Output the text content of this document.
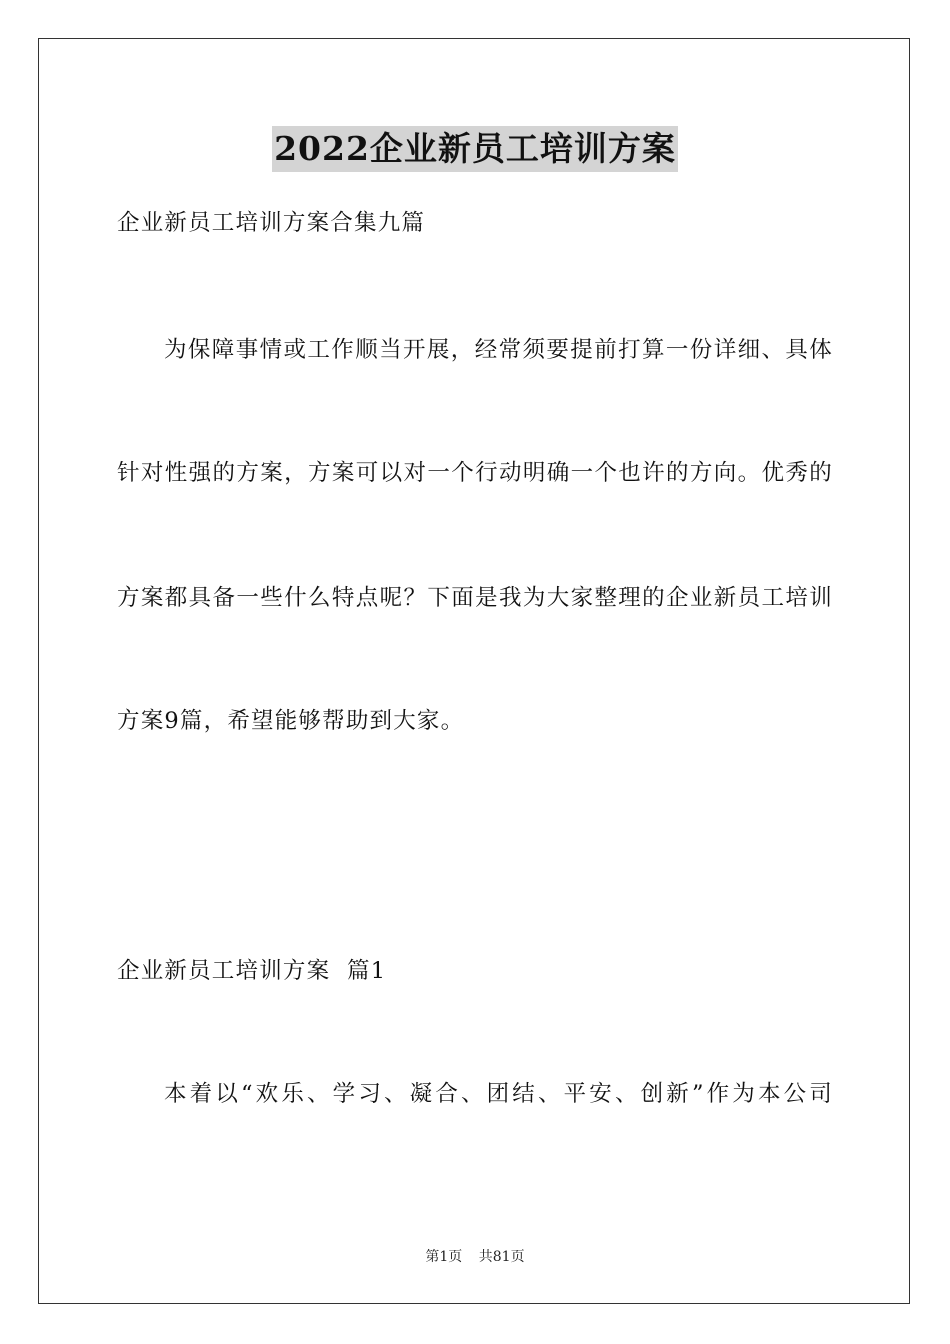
2022企业新员工培训方案

企业新员工培训方案合集九篇

为保障事情或工作顺当开展，经常须要提前打算一份详细、具体

针对性强的方案，方案可以对一个行动明确一个也许的方向。优秀的

方案都具备一些什么特点呢？下面是我为大家整理的企业新员工培训

方案9篇，希望能够帮助到大家。

企业新员工培训方案  篇1

本着以“欢乐、学习、凝合、团结、平安、创新”作为本公司

第1页 共81页
